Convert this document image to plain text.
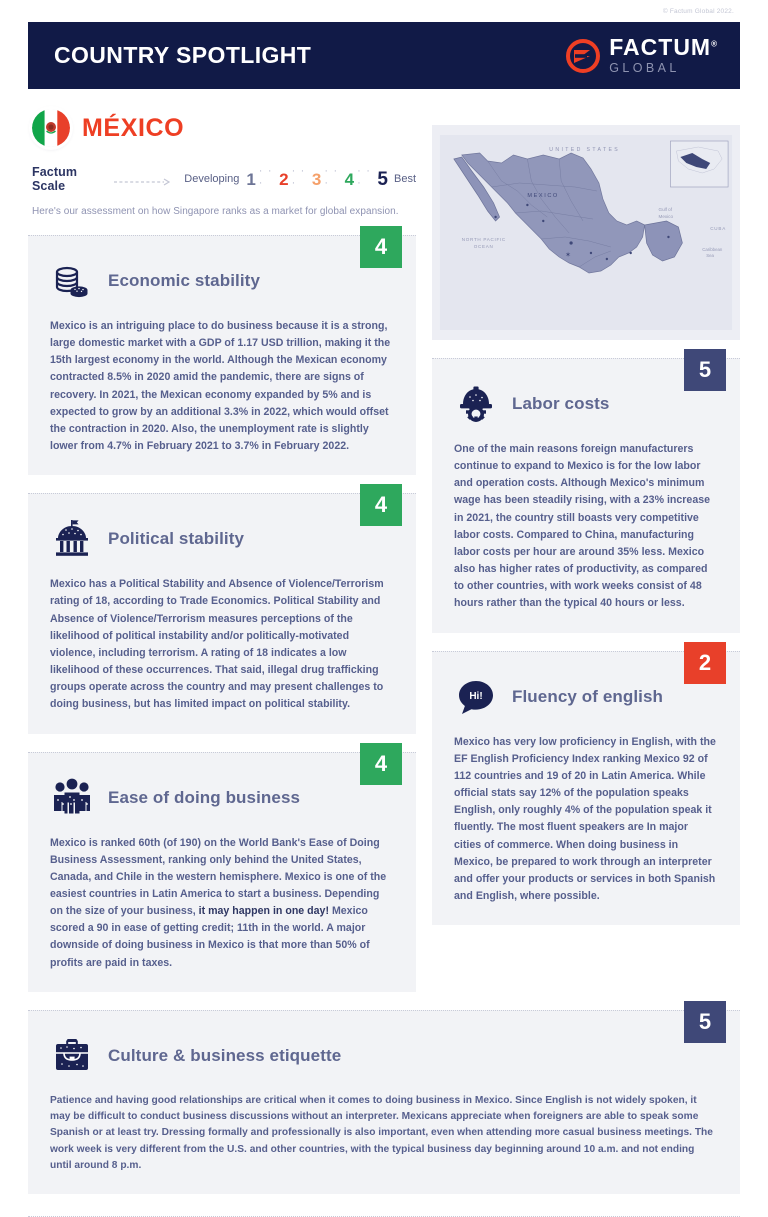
© Factum Global 2022.
COUNTRY SPOTLIGHT	FACTUM®
GLOBAL
MÉXICO
Factum Scale	Developing 1 · · · 2 · · · 3 · · · 4 · · · 5 Best
Here's our assessment on how Singapore ranks as a market for global expansion.
4
Economic stability
Mexico is an intriguing place to do business because it is a strong, large domestic market with a GDP of 1.17 USD trillion, making it the 15th largest economy in the world. Although the Mexican economy contracted 8.5% in 2020 amid the pandemic, there are signs of recovery. In 2021, the Mexican economy expanded by 5% and is expected to grow by an additional 3.3% in 2022, which would offset the contraction in 2020. Also, the unemployment rate is slightly lower from 4.7% in February 2021 to 3.7% in February 2022.
4
Political stability
Mexico has a Political Stability and Absence of Violence/Terrorism rating of 18, according to Trade Economics. Political Stability and Absence of Violence/Terrorism measures perceptions of the likelihood of political instability and/or politically-motivated violence, including terrorism. A rating of 18 indicates a low likelihood of these occurrences. That said, illegal drug trafficking groups operate across the country and may present challenges to doing business, but has limited impact on political stability.
4
Ease of doing business
Mexico is ranked 60th (of 190) on the World Bank's Ease of Doing Business Assessment, ranking only behind the United States, Canada, and Chile in the western hemisphere. Mexico is one of the easiest countries in Latin America to start a business. Depending on the size of your business, it may happen in one day! Mexico scored a 90 in ease of getting credit; 11th in the world. A major downside of doing business in Mexico is that more than 50% of profits are paid in taxes.
UNITED STATES
MEXICO
NORTH PACIFIC
OCEAN
Gulf of
Mexico
CUBA
Caribbean
Sea
✶
5
Labor costs
One of the main reasons foreign manufacturers continue to expand to Mexico is for the low labor and operation costs. Although Mexico's minimum wage has been steadily rising, with a 23% increase in 2021, the country still boasts very competitive labor costs. Compared to China, manufacturing labor costs per hour are around 35% less. Mexico also has higher rates of productivity, as compared to other countries, with work weeks consist of 48 hours rather than the typical 40 hours or less.
2
Hi! Fluency of english
Mexico has very low proficiency in English, with the EF English Proficiency Index ranking Mexico 92 of 112 countries and 19 of 20 in Latin America. While official stats say 12% of the population speaks English, only roughly 4% of the population speak it fluently. The most fluent speakers are In major cities of commerce. When doing business in Mexico, be prepared to work through an interpreter and offer your products or services in both Spanish and English, where possible.
5
Culture & business etiquette
Patience and having good relationships are critical when it comes to doing business in Mexico. Since English is not widely spoken, it may be difficult to conduct business discussions without an interpreter. Mexicans appreciate when foreigners are able to speak some Spanish or at least try. Dressing formally and professionally is also important, even when attending more casual business meetings. The work week is very different from the U.S. and other countries, with the typical business day beginning around 10 a.m. and not ending until around 8 p.m.
